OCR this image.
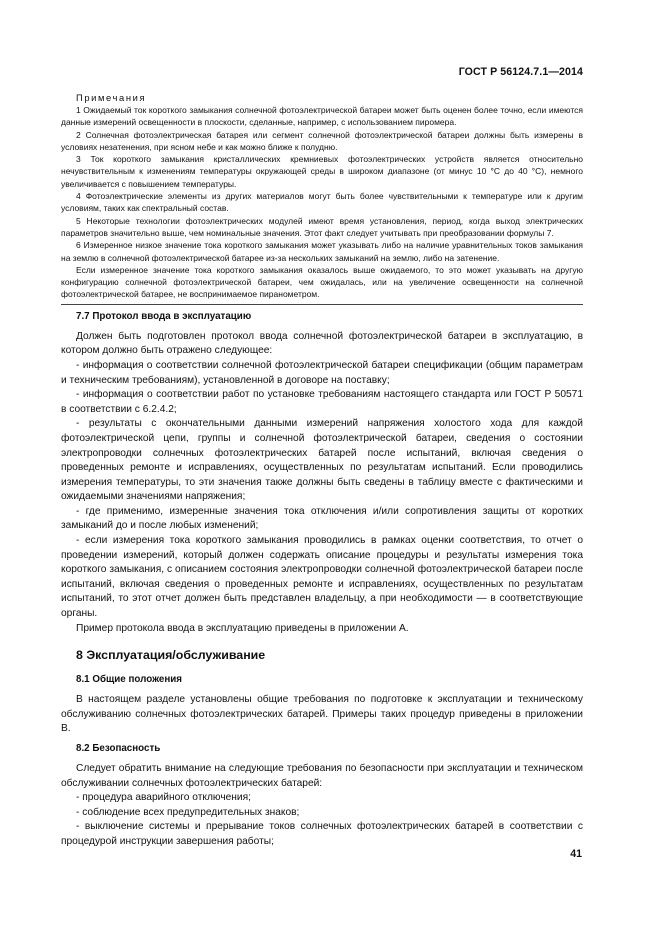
ГОСТ Р 56124.7.1—2014
Примечания

1 Ожидаемый ток короткого замыкания солнечной фотоэлектрической батареи может быть оценен более точно, если имеются данные измерений освещенности в плоскости, сделанные, например, с использованием пиромера.

2 Солнечная фотоэлектрическая батарея или сегмент солнечной фотоэлектрической батареи должны быть измерены в условиях незатенения, при ясном небе и как можно ближе к полудню.

3 Ток короткого замыкания кристаллических кремниевых фотоэлектрических устройств является относительно нечувствительным к изменениям температуры окружающей среды в широком диапазоне (от минус 10 °С до 40 °С), немного увеличивается с повышением температуры.

4 Фотоэлектрические элементы из других материалов могут быть более чувствительными к температуре или к другим условиям, таких как спектральный состав.

5 Некоторые технологии фотоэлектрических модулей имеют время установления, период, когда выход электрических параметров значительно выше, чем номинальные значения. Этот факт следует учитывать при преобразовании формулы 7.

6 Измеренное низкое значение тока короткого замыкания может указывать либо на наличие уравнительных токов замыкания на землю в солнечной фотоэлектрической батарее из-за нескольких замыканий на землю, либо на затенение.

Если измеренное значение тока короткого замыкания оказалось выше ожидаемого, то это может указывать на другую конфигурацию солнечной фотоэлектрической батареи, чем ожидалась, или на увеличение освещенности на солнечной фотоэлектрической батарее, не воспринимаемое пиранометром.

7.7 Протокол ввода в эксплуатацию

Должен быть подготовлен протокол ввода солнечной фотоэлектрической батареи в эксплуатацию, в котором должно быть отражено следующее:

- информация о соответствии солнечной фотоэлектрической батареи спецификации (общим параметрам и техническим требованиям), установленной в договоре на поставку;

- информация о соответствии работ по установке требованиям настоящего стандарта или ГОСТ Р 50571 в соответствии с 6.2.4.2;

- результаты с окончательными данными измерений напряжения холостого хода для каждой фотоэлектрической цепи, группы и солнечной фотоэлектрической батареи, сведения о состоянии электропроводки солнечных фотоэлектрических батарей после испытаний, включая сведения о проведенных ремонте и исправлениях, осуществленных по результатам испытаний. Если проводились измерения температуры, то эти значения также должны быть сведены в таблицу вместе с фактическими и ожидаемыми значениями напряжения;

- где применимо, измеренные значения тока отключения и/или сопротивления защиты от коротких замыканий до и после любых изменений;

- если измерения тока короткого замыкания проводились в рамках оценки соответствия, то отчет о проведении измерений, который должен содержать описание процедуры и результаты измерения тока короткого замыкания, с описанием состояния электропроводки солнечной фотоэлектрической батареи после испытаний, включая сведения о проведенных ремонте и исправлениях, осуществленных по результатам испытаний, то этот отчет должен быть представлен владельцу, а при необходимости — в соответствующие органы.

Пример протокола ввода в эксплуатацию приведены в приложении А.

8 Эксплуатация/обслуживание
8.1 Общие положения

В настоящем разделе установлены общие требования по подготовке к эксплуатации и техническому обслуживанию солнечных фотоэлектрических батарей. Примеры таких процедур приведены в приложении В.

8.2 Безопасность

Следует обратить внимание на следующие требования по безопасности при эксплуатации и техническом обслуживании солнечных фотоэлектрических батарей:

- процедура аварийного отключения;

- соблюдение всех предупредительных знаков;

- выключение системы и прерывание токов солнечных фотоэлектрических батарей в соответствии с процедурой инструкции завершения работы;

41
